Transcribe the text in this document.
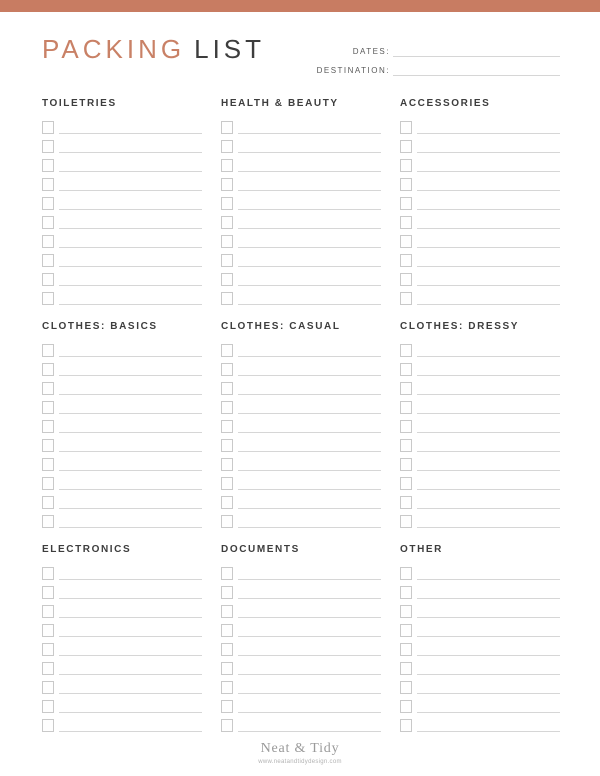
PACKING LIST	DATES:
DESTINATION:
TOILETRIES	HEALTH & BEAUTY	ACCESSORIES
CLOTHES: BASICS	CLOTHES: CASUAL	CLOTHES: DRESSY
ELECTRONICS	DOCUMENTS	OTHER
Neat & Tidy
www.neatandtidydesign.com
